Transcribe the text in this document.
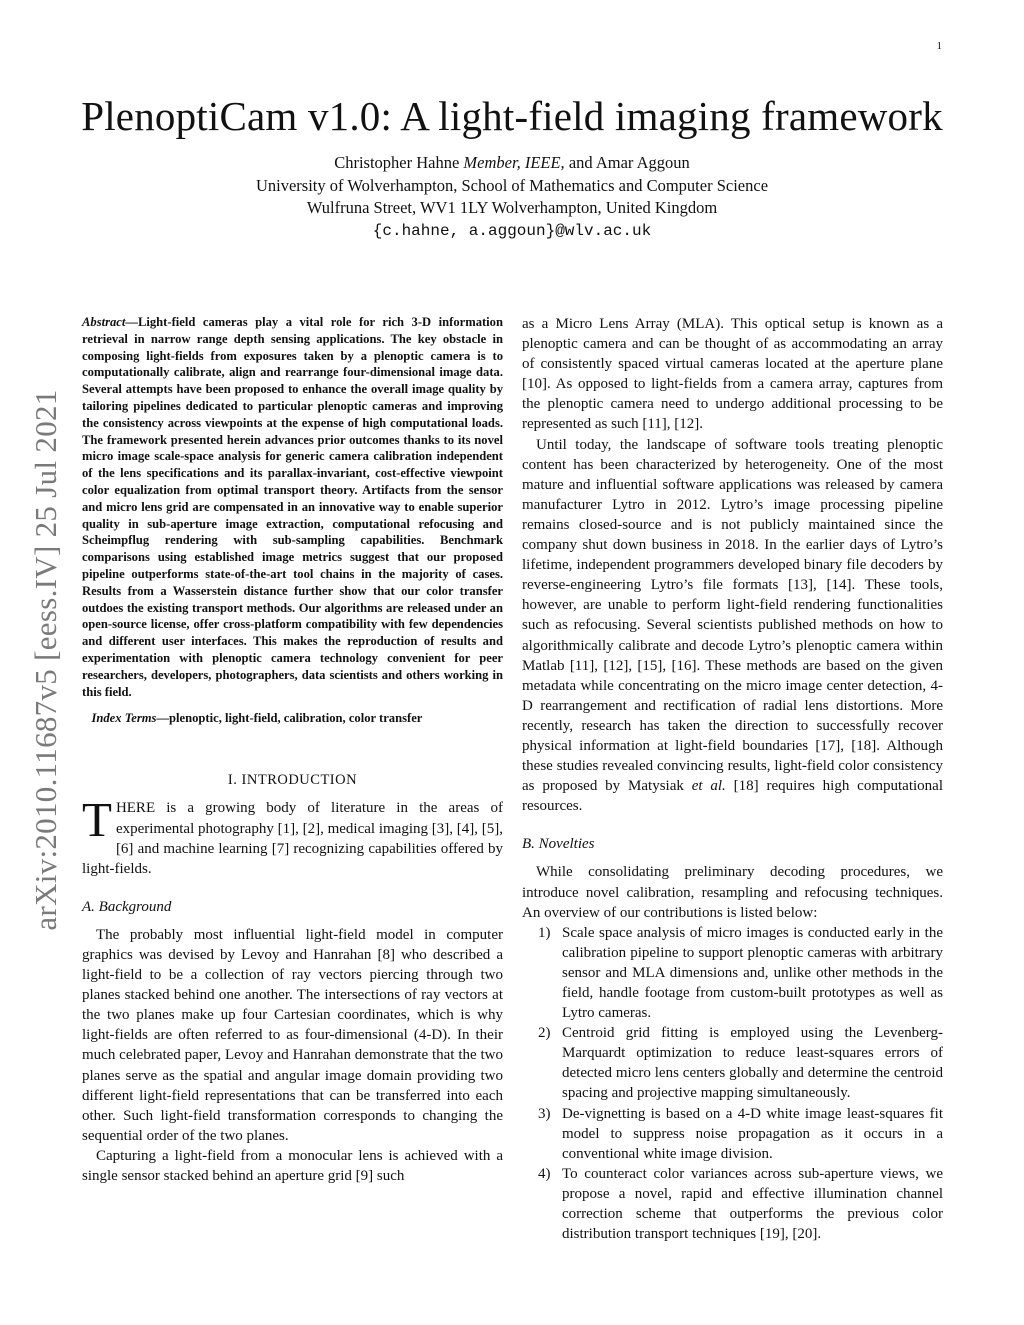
1
arXiv:2010.11687v5 [eess.IV] 25 Jul 2021
PlenoptiCam v1.0: A light-field imaging framework
Christopher Hahne Member, IEEE, and Amar Aggoun
University of Wolverhampton, School of Mathematics and Computer Science
Wulfruna Street, WV1 1LY Wolverhampton, United Kingdom
{c.hahne, a.aggoun}@wlv.ac.uk

Abstract—Light-field cameras play a vital role for rich 3-D information retrieval in narrow range depth sensing applications. The key obstacle in composing light-fields from exposures taken by a plenoptic camera is to computationally calibrate, align and rearrange four-dimensional image data. Several attempts have been proposed to enhance the overall image quality by tailoring pipelines dedicated to particular plenoptic cameras and improving the consistency across viewpoints at the expense of high computational loads. The framework presented herein advances prior outcomes thanks to its novel micro image scale-space analysis for generic camera calibration independent of the lens specifications and its parallax-invariant, cost-effective viewpoint color equalization from optimal transport theory. Artifacts from the sensor and micro lens grid are compensated in an innovative way to enable superior quality in sub-aperture image extraction, computational refocusing and Scheimpflug rendering with sub-sampling capabilities. Benchmark comparisons using established image metrics suggest that our proposed pipeline outperforms state-of-the-art tool chains in the majority of cases. Results from a Wasserstein distance further show that our color transfer outdoes the existing transport methods. Our algorithms are released under an open-source license, offer cross-platform compatibility with few dependencies and different user interfaces. This makes the reproduction of results and experimentation with plenoptic camera technology convenient for peer researchers, developers, photographers, data scientists and others working in this field.

Index Terms—plenoptic, light-field, calibration, color transfer

I. INTRODUCTION

THERE is a growing body of literature in the areas of experimental photography [1], [2], medical imaging [3], [4], [5], [6] and machine learning [7] recognizing capabilities offered by light-fields.

A. Background

The probably most influential light-field model in computer graphics was devised by Levoy and Hanrahan [8] who described a light-field to be a collection of ray vectors piercing through two planes stacked behind one another. The intersections of ray vectors at the two planes make up four Cartesian coordinates, which is why light-fields are often referred to as four-dimensional (4-D). In their much celebrated paper, Levoy and Hanrahan demonstrate that the two planes serve as the spatial and angular image domain providing two different light-field representations that can be transferred into each other. Such light-field transformation corresponds to changing the sequential order of the two planes.

Capturing a light-field from a monocular lens is achieved with a single sensor stacked behind an aperture grid [9] such

as a Micro Lens Array (MLA). This optical setup is known as a plenoptic camera and can be thought of as accommodating an array of consistently spaced virtual cameras located at the aperture plane [10]. As opposed to light-fields from a camera array, captures from the plenoptic camera need to undergo additional processing to be represented as such [11], [12].

Until today, the landscape of software tools treating plenoptic content has been characterized by heterogeneity. One of the most mature and influential software applications was released by camera manufacturer Lytro in 2012. Lytro’s image processing pipeline remains closed-source and is not publicly maintained since the company shut down business in 2018. In the earlier days of Lytro’s lifetime, independent programmers developed binary file decoders by reverse-engineering Lytro’s file formats [13], [14]. These tools, however, are unable to perform light-field rendering functionalities such as refocusing. Several scientists published methods on how to algorithmically calibrate and decode Lytro’s plenoptic camera within Matlab [11], [12], [15], [16]. These methods are based on the given metadata while concentrating on the micro image center detection, 4-D rearrangement and rectification of radial lens distortions. More recently, research has taken the direction to successfully recover physical information at light-field boundaries [17], [18]. Although these studies revealed convincing results, light-field color consistency as proposed by Matysiak et al. [18] requires high computational resources.

B. Novelties

While consolidating preliminary decoding procedures, we introduce novel calibration, resampling and refocusing techniques. An overview of our contributions is listed below:

1) Scale space analysis of micro images is conducted early in the calibration pipeline to support plenoptic cameras with arbitrary sensor and MLA dimensions and, unlike other methods in the field, handle footage from custom-built prototypes as well as Lytro cameras.
2) Centroid grid fitting is employed using the Levenberg-Marquardt optimization to reduce least-squares errors of detected micro lens centers globally and determine the centroid spacing and projective mapping simultaneously.
3) De-vignetting is based on a 4-D white image least-squares fit model to suppress noise propagation as it occurs in a conventional white image division.
4) To counteract color variances across sub-aperture views, we propose a novel, rapid and effective illumination channel correction scheme that outperforms the previous color distribution transport techniques [19], [20].
